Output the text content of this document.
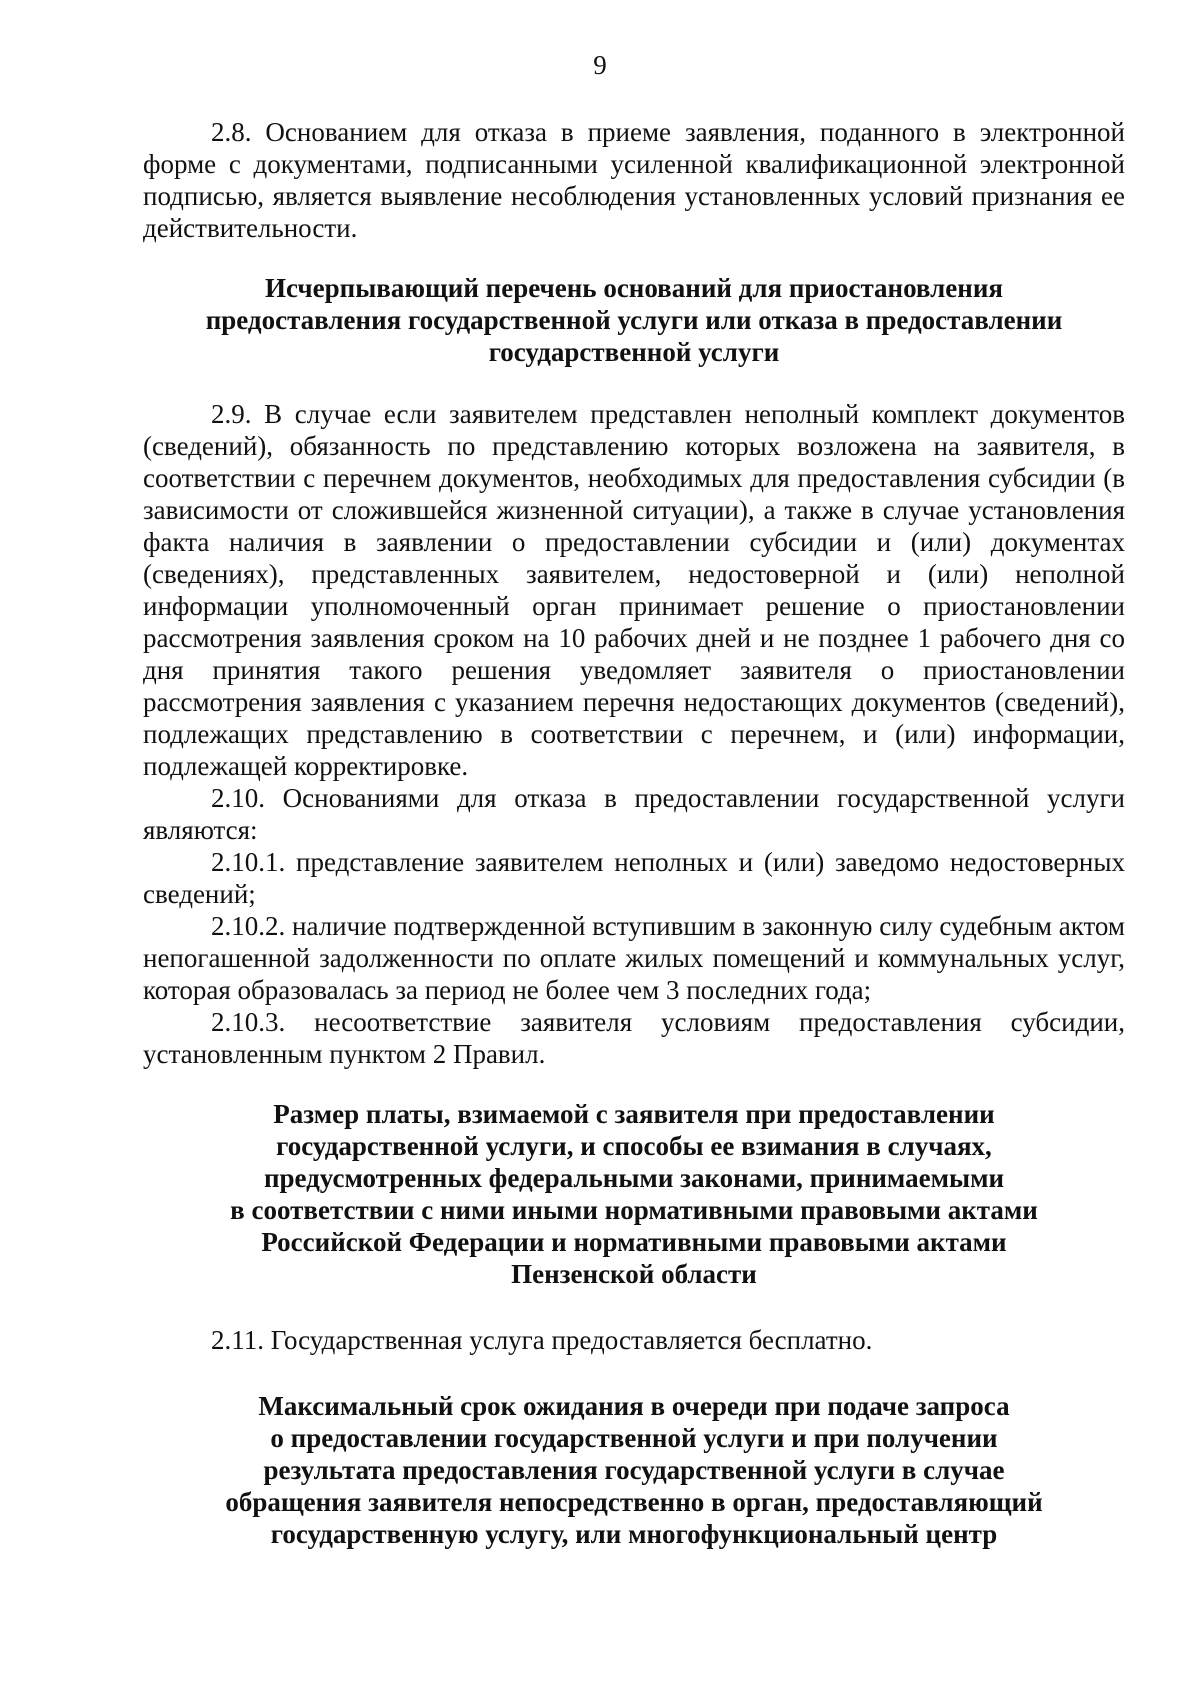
9

2.8. Основанием для отказа в приеме заявления, поданного в электронной форме с документами, подписанными усиленной квалификационной электронной подписью, является выявление несоблюдения установленных условий признания ее действительности.

Исчерпывающий перечень оснований для приостановления
предоставления государственной услуги или отказа в предоставлении
государственной услуги

2.9. В случае если заявителем представлен неполный комплект документов (сведений), обязанность по представлению которых возложена на заявителя, в соответствии с перечнем документов, необходимых для предоставления субсидии (в зависимости от сложившейся жизненной ситуации), а также в случае установления факта наличия в заявлении о предоставлении субсидии и (или) документах (сведениях), представленных заявителем, недостоверной и (или) неполной информации уполномоченный орган принимает решение о приостановлении рассмотрения заявления сроком на 10 рабочих дней и не позднее 1 рабочего дня со дня принятия такого решения уведомляет заявителя о приостановлении рассмотрения заявления с указанием перечня недостающих документов (сведений), подлежащих представлению в соответствии с перечнем, и (или) информации, подлежащей корректировке.

2.10. Основаниями для отказа в предоставлении государственной услуги являются:

2.10.1. представление заявителем неполных и (или) заведомо недостоверных сведений;

2.10.2. наличие подтвержденной вступившим в законную силу судебным актом непогашенной задолженности по оплате жилых помещений и коммунальных услуг, которая образовалась за период не более чем 3 последних года;

2.10.3. несоответствие заявителя условиям предоставления субсидии, установленным пунктом 2 Правил.

Размер платы, взимаемой с заявителя при предоставлении
государственной услуги, и способы ее взимания в случаях,
предусмотренных федеральными законами, принимаемыми
в соответствии с ними иными нормативными правовыми актами
Российской Федерации и нормативными правовыми актами
Пензенской области

2.11. Государственная услуга предоставляется бесплатно.

Максимальный срок ожидания в очереди при подаче запроса
о предоставлении государственной услуги и при получении
результата предоставления государственной услуги в случае
обращения заявителя непосредственно в орган, предоставляющий
государственную услугу, или многофункциональный центр
